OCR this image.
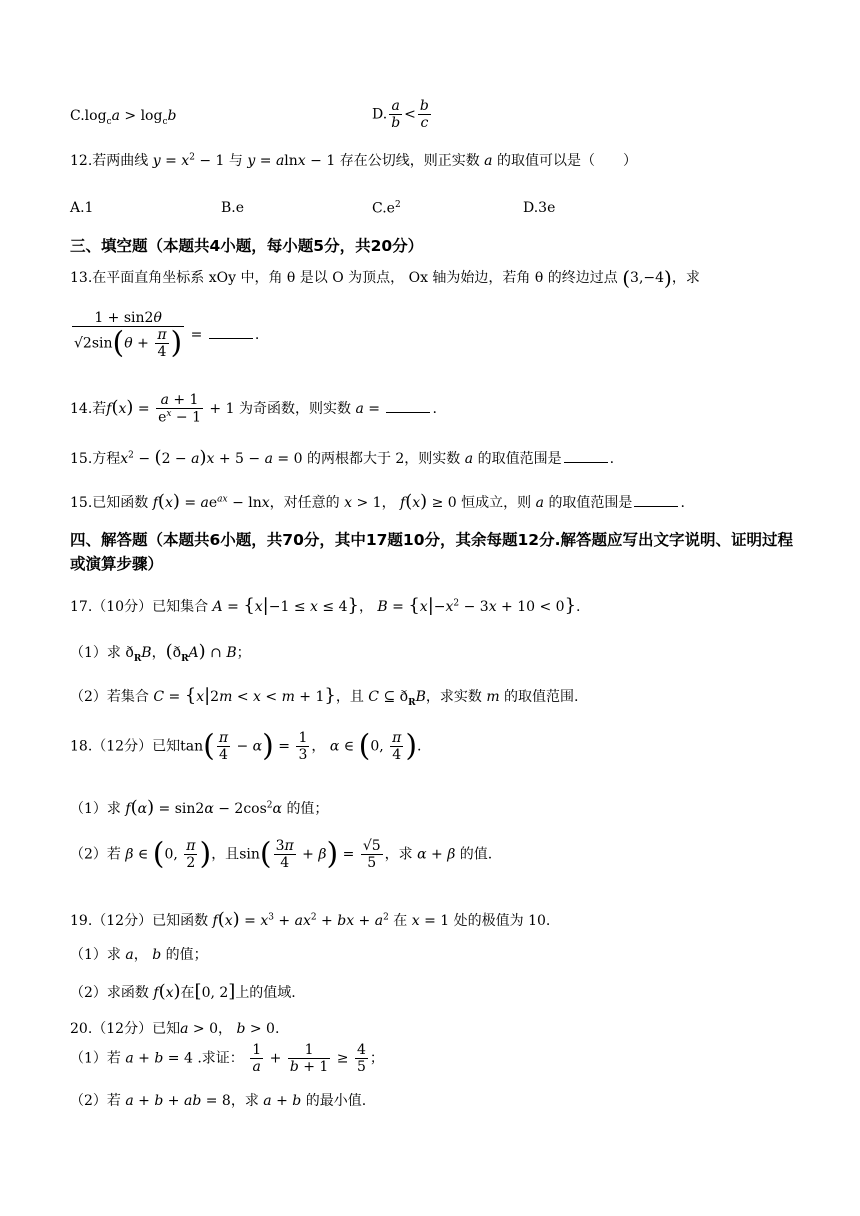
$C.\log_ca > \log_cb$	D. $\frac{a}{b} < \frac{b}{c}$
12.若两曲线 $y = x^2 - 1$ 与 y = alnx − 1 存在公切线，则正实数 a 的取值可以是（　　）
A.1	B.e	$C.e^2$	D.3e
三、填空题（本题共4小题，每小题5分，共20分）
13.在平面直角坐标系 xOy 中，角 θ 是以 O 为顶点， Ox 轴为始边，若角 θ 的终边过点 (3,−4)，求
$\frac{1 + \sin 2\theta}{√2\sin(\theta + \frac{\pi}{4} )}$ =	.
14.若$f(x) = \frac{a + 1}{e^x - 1} + 1$ 为奇函数，则实数 a =	.
15.方程$x^2 - (2 - a)x + 5 - a = 0$ 的两根都大于 2，则实数 a 的取值范围是	.
15.已知函数 $f(x) = ae^{ax} - \ln x$，对任意的 x > 1， f(x) ≥ 0 恒成立，则 a 的取值范围是	.
四、解答题（本题共6小题，共70分，其中17题10分，其余每题12分.解答题应写出文字说明、证明过程或演算步骤）
17.（10分）已知集合 A = {x|−1 ≤ x ≤ 4}， $B = \{x|-x^2 - 3x + 10 < 0\}$.
（1）求 $ð_RB$，$(ð_RA)$ ∩ B；
（2）若集合 C = {x|2m < x < m + 1}，且 C ⊆ $ð_RB$，求实数 m 的取值范围.
18.（12分）已知$\tan( \frac{\pi}{4} - \alpha) = \frac{1}{3}$ ， α ∈ (0, $\frac{\pi}{4}$ ).
（1）求 $f(\alpha) = \sin 2\alpha - 2\cos^2\alpha$ 的值；
（2）若 β ∈ (0, $\frac{\pi}{2}$ )，且$\sin( \frac{3\pi}{4} + \beta) = \frac{√5}{5}$ ，求 α + β 的值.
19.（12分）已知函数 $f(x) = x^3 + ax^2$ + bx + $a^2$ 在 x = 1 处的极值为 10.
（1）求 a， b 的值；
（2）求函数 f(x)在[0, 2]上的值域.
20.（12分）已知a > 0， b > 0.
（1）若 a + b = 4 .求证： $\frac{1}{a} + \frac{1}{b + 1} \ge \frac{4}{5}$ ；
（2）若 a + b + ab = 8，求 a + b 的最小值.
